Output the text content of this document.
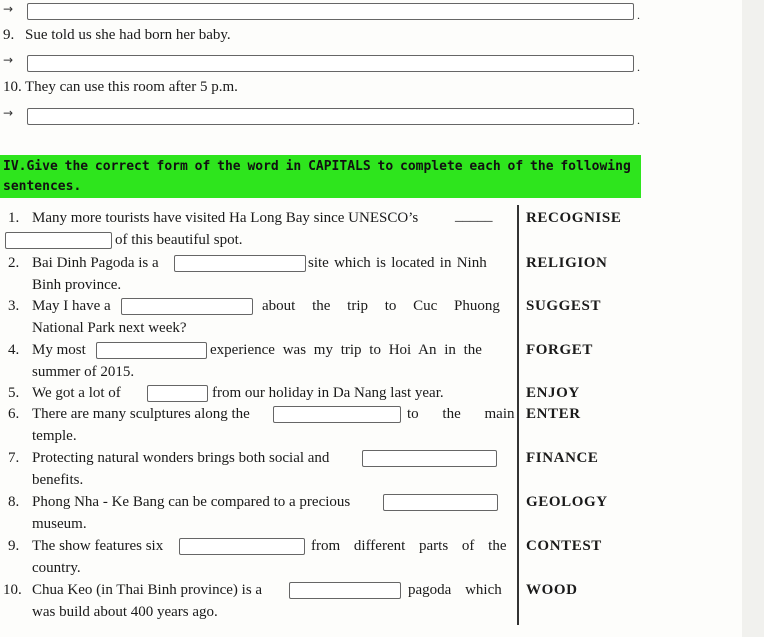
→	.
9. Sue told us she had born her baby.
→	.
10. They can use this room after 5 p.m.
→	.
IV.Give the correct form of the word in CAPITALS to complete each of the following
sentences.
1. Many more tourists have visited Ha Long Bay since UNESCO’s _____
of this beautiful spot.
RECOGNISE
2. Bai Dinh Pagoda is a	site which is located in Ninh
Binh province.
RELIGION
3. May I have a	about the trip to Cuc Phuong
National Park next week?
SUGGEST
4. My most	experience was my trip to Hoi An in the
summer of 2015.
FORGET
5. We got a lot of	from our holiday in Da Nang last year.	ENJOY
6. There are many sculptures along the	to the main
temple.
ENTER
7. Protecting natural wonders brings both social and
benefits.
FINANCE
8. Phong Nha - Ke Bang can be compared to a precious
museum.
GEOLOGY
9. The show features six	from different parts of the
country.
CONTEST
10. Chua Keo (in Thai Binh province) is a	pagoda which
was build about 400 years ago.
WOOD
